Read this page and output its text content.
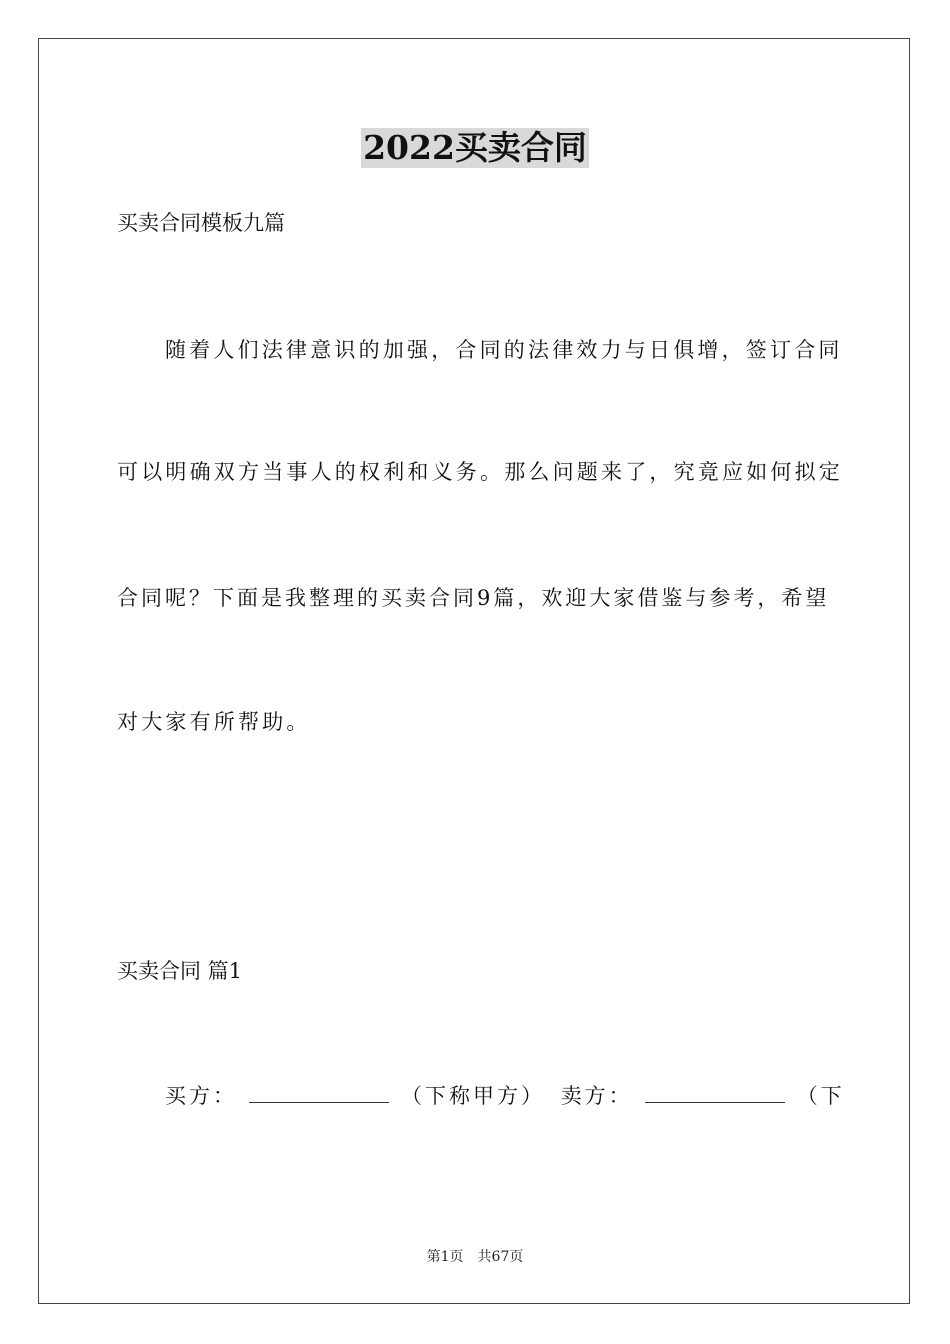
2022买卖合同
买卖合同模板九篇
随着人们法律意识的加强，合同的法律效力与日俱增，签订合同
可以明确双方当事人的权利和义务。那么问题来了，究竟应如何拟定
合同呢？下面是我整理的买卖合同9篇，欢迎大家借鉴与参考，希望
对大家有所帮助。
买卖合同 篇1
买方：	（下称甲方） 卖方：	（下
第1页　共67页
